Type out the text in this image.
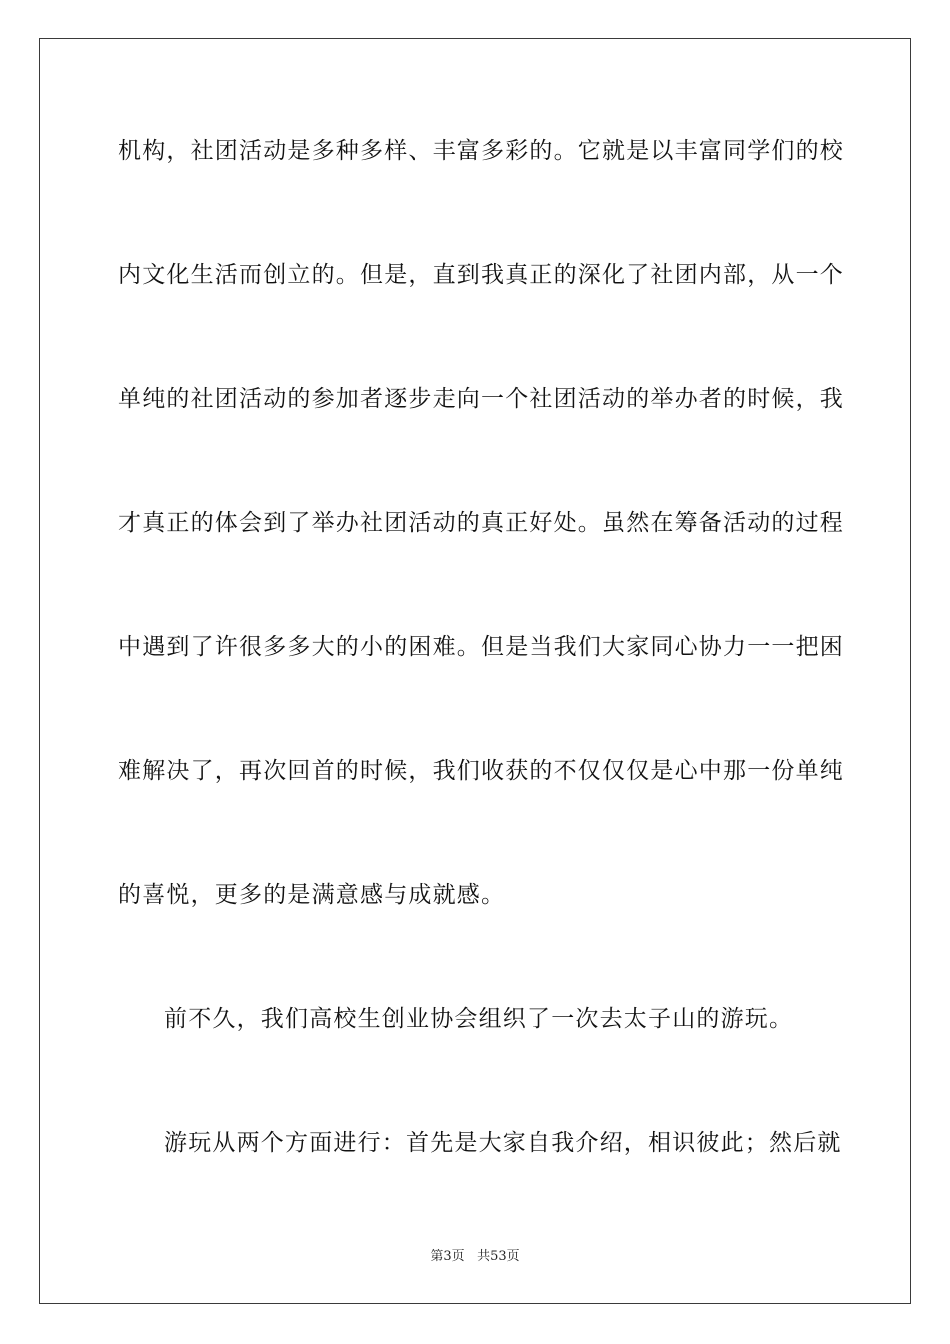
机构，社团活动是多种多样、丰富多彩的。它就是以丰富同学们的校

内文化生活而创立的。但是，直到我真正的深化了社团内部，从一个

单纯的社团活动的参加者逐步走向一个社团活动的举办者的时候，我

才真正的体会到了举办社团活动的真正好处。虽然在筹备活动的过程

中遇到了许很多多大的小的困难。但是当我们大家同心协力一一把困

难解决了，再次回首的时候，我们收获的不仅仅仅是心中那一份单纯

的喜悦，更多的是满意感与成就感。

前不久，我们高校生创业协会组织了一次去太子山的游玩。

游玩从两个方面进行：首先是大家自我介绍，相识彼此；然后就

第3页 共53页
